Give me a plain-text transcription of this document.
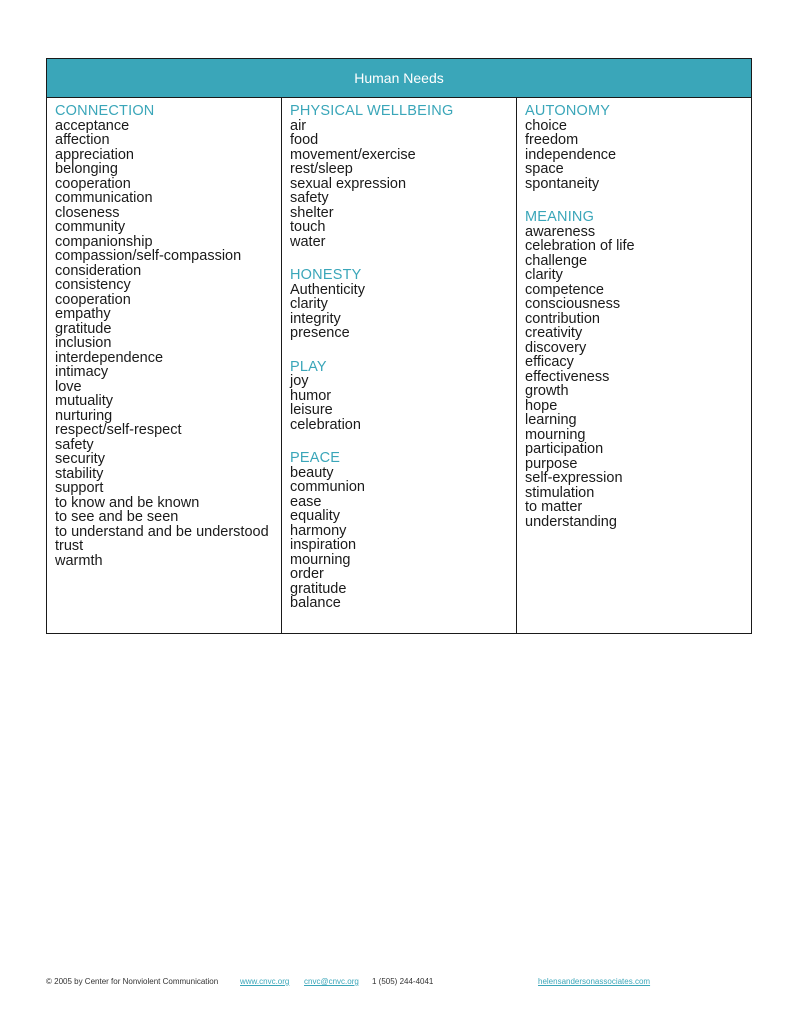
Human Needs
CONNECTION
acceptance
affection
appreciation
belonging
cooperation
communication
closeness
community
companionship
compassion/self-compassion
consideration
consistency
cooperation
empathy
gratitude
inclusion
interdependence
intimacy
love
mutuality
nurturing
respect/self-respect
safety
security
stability
support
to know and be known
to see and be seen
to understand and be understood
trust
warmth
PHYSICAL WELLBEING
air
food
movement/exercise
rest/sleep
sexual expression
safety
shelter
touch
water
HONESTY
Authenticity
clarity
integrity
presence
PLAY
joy
humor
leisure
celebration
PEACE
beauty
communion
ease
equality
harmony
inspiration
mourning
order
gratitude
balance
AUTONOMY
choice
freedom
independence
space
spontaneity
MEANING
awareness
celebration of life
challenge
clarity
competence
consciousness
contribution
creativity
discovery
efficacy
effectiveness
growth
hope
learning
mourning
participation
purpose
self-expression
stimulation
to matter
understanding
© 2005 by Center for Nonviolent Communication	www.cnvc.org cnvc@cnvc.org 1 (505) 244-4041	helensandersonassociates.com
